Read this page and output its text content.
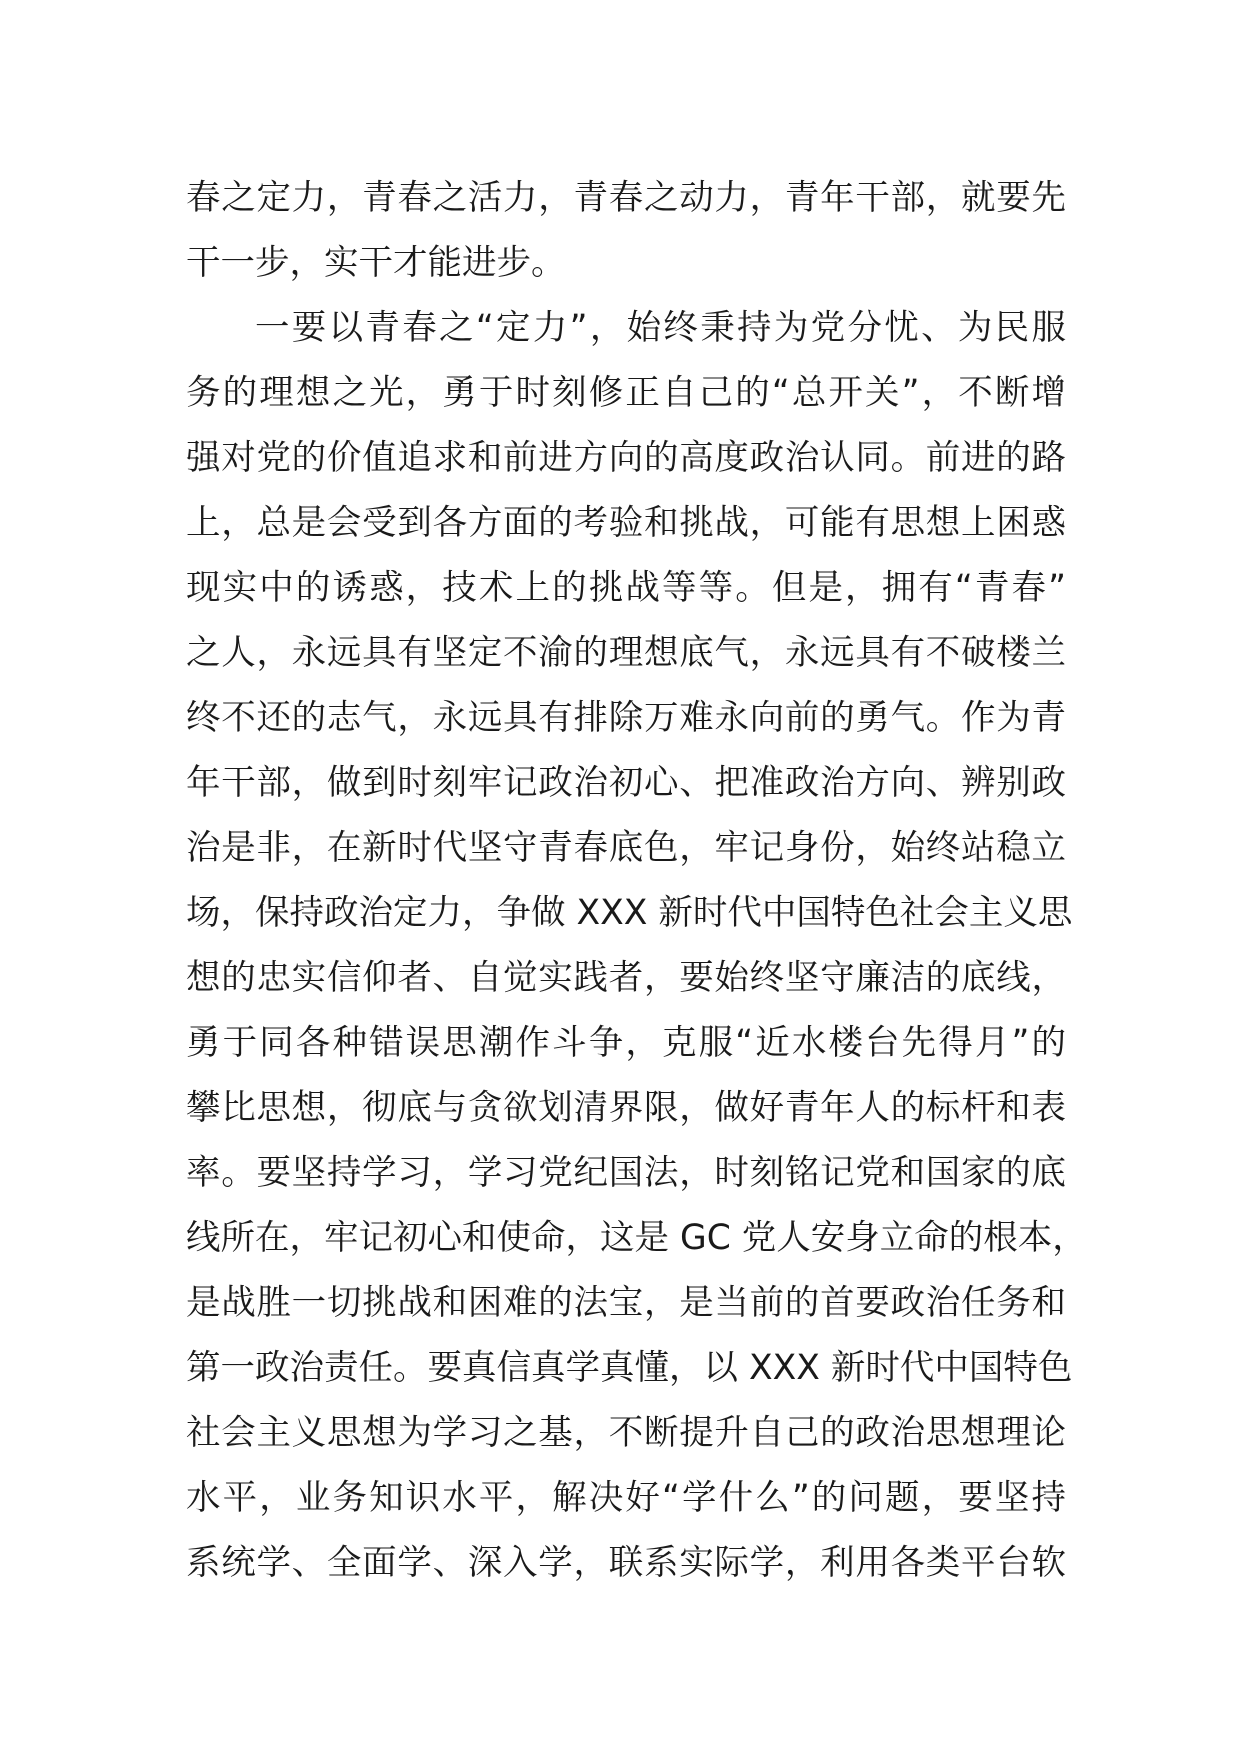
春之定力，青春之活力，青春之动力，青年干部，就要先
干一步，实干才能进步。
一要以青春之“定力”，始终秉持为党分忧、为民服
务的理想之光，勇于时刻修正自己的“总开关”，不断增
强对党的价值追求和前进方向的高度政治认同。前进的路
上，总是会受到各方面的考验和挑战，可能有思想上困惑
现实中的诱惑，技术上的挑战等等。但是，拥有“青春”
之人，永远具有坚定不渝的理想底气，永远具有不破楼兰
终不还的志气，永远具有排除万难永向前的勇气。作为青
年干部，做到时刻牢记政治初心、把准政治方向、辨别政
治是非，在新时代坚守青春底色，牢记身份，始终站稳立
场，保持政治定力，争做 XXX 新时代中国特色社会主义思
想的忠实信仰者、自觉实践者，要始终坚守廉洁的底线，
勇于同各种错误思潮作斗争，克服“近水楼台先得月”的
攀比思想，彻底与贪欲划清界限，做好青年人的标杆和表
率。要坚持学习，学习党纪国法，时刻铭记党和国家的底
线所在，牢记初心和使命，这是 GC 党人安身立命的根本，
是战胜一切挑战和困难的法宝，是当前的首要政治任务和
第一政治责任。要真信真学真懂，以 XXX 新时代中国特色
社会主义思想为学习之基，不断提升自己的政治思想理论
水平，业务知识水平，解决好“学什么”的问题，要坚持
系统学、全面学、深入学，联系实际学，利用各类平台软
